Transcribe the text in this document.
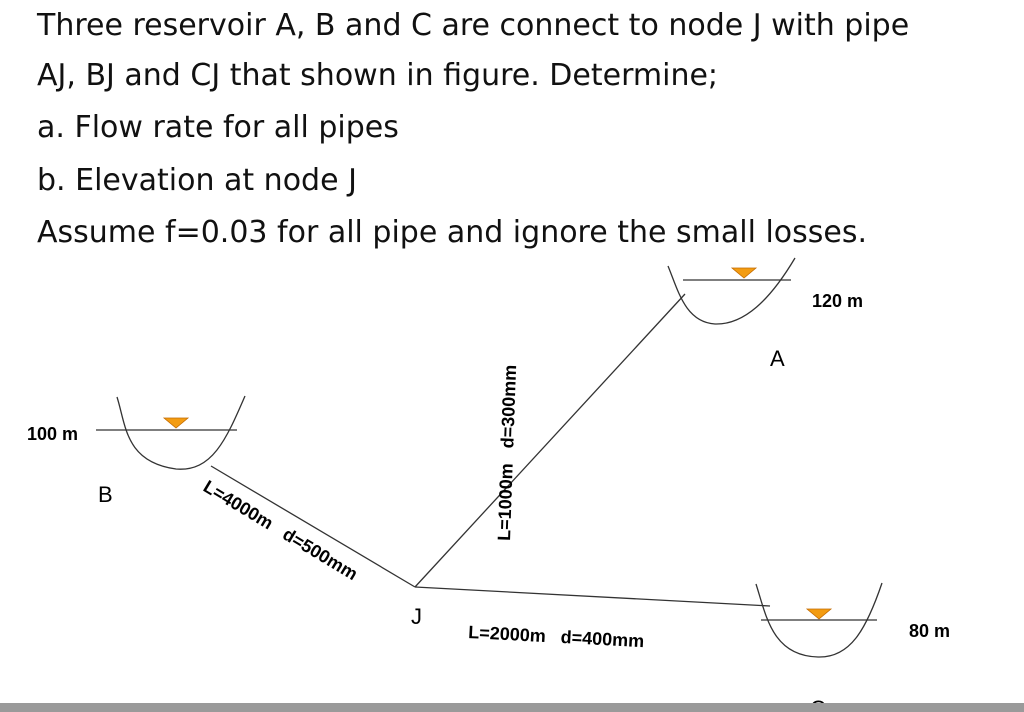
Three reservoir A, B and C are connect to node J with pipe

AJ, BJ and CJ that shown in figure. Determine;

a. Flow rate for all pipes

b. Elevation at node J

Assume f=0.03 for all pipe and ignore the small losses.

100 m
120 m
80 m
B
A
J
L=4000m   d=500mm	L=1000m   d=300mm
L=2000m   d=400mm
